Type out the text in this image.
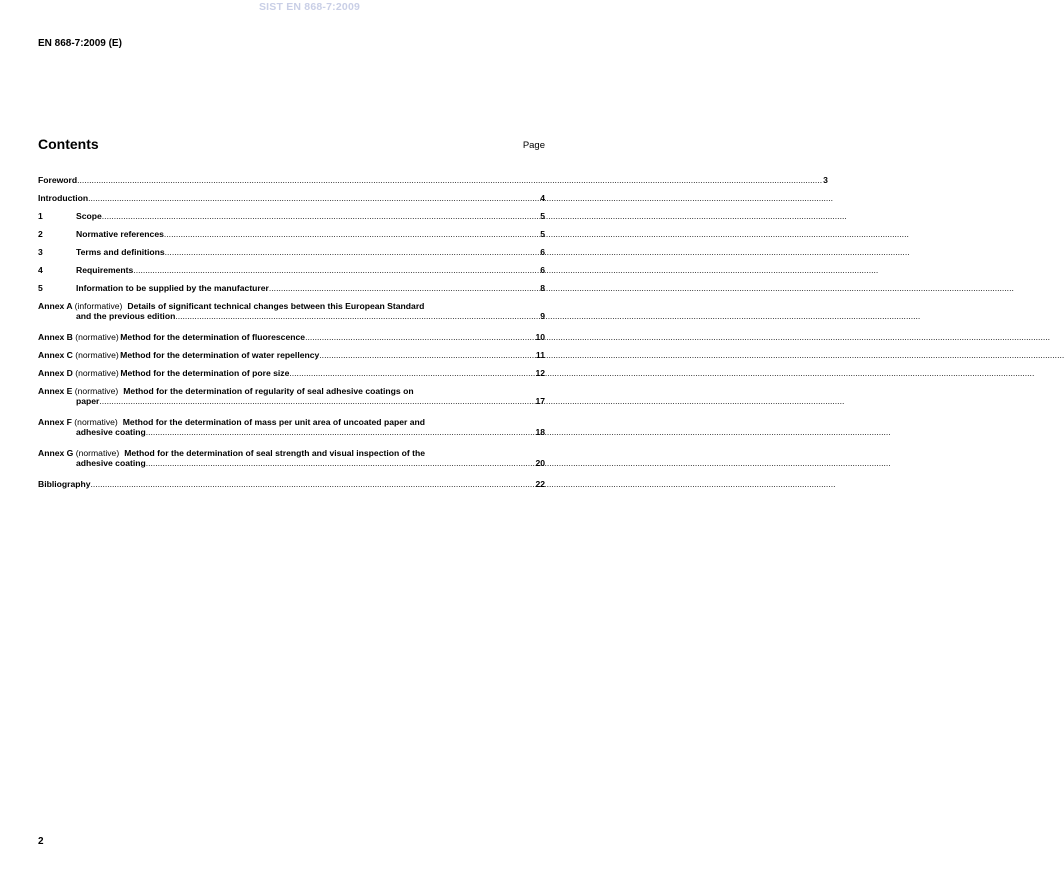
SIST EN 868-7:2009
EN 868-7:2009 (E)
Contents	Page
Foreword .....	3
Introduction .....	4
1	Scope .....	5
2	Normative references .....	5
3	Terms and definitions .....	6
4	Requirements .....	6
5	Information to be supplied by the manufacturer .....	8
Annex A (informative) Details of significant technical changes between this European Standard
and the previous edition .....	9
Annex B (normative) Method for the determination of fluorescence .....	10
Annex C (normative) Method for the determination of water repellency .....	11
Annex D (normative) Method for the determination of pore size .....	12
Annex E (normative) Method for the determination of regularity of seal adhesive coatings on
paper .....	17
Annex F (normative) Method for the determination of mass per unit area of uncoated paper and
adhesive coating .....	18
Annex G (normative) Method for the determination of seal strength and visual inspection of the
adhesive coating .....	20
Bibliography .....	22
2
